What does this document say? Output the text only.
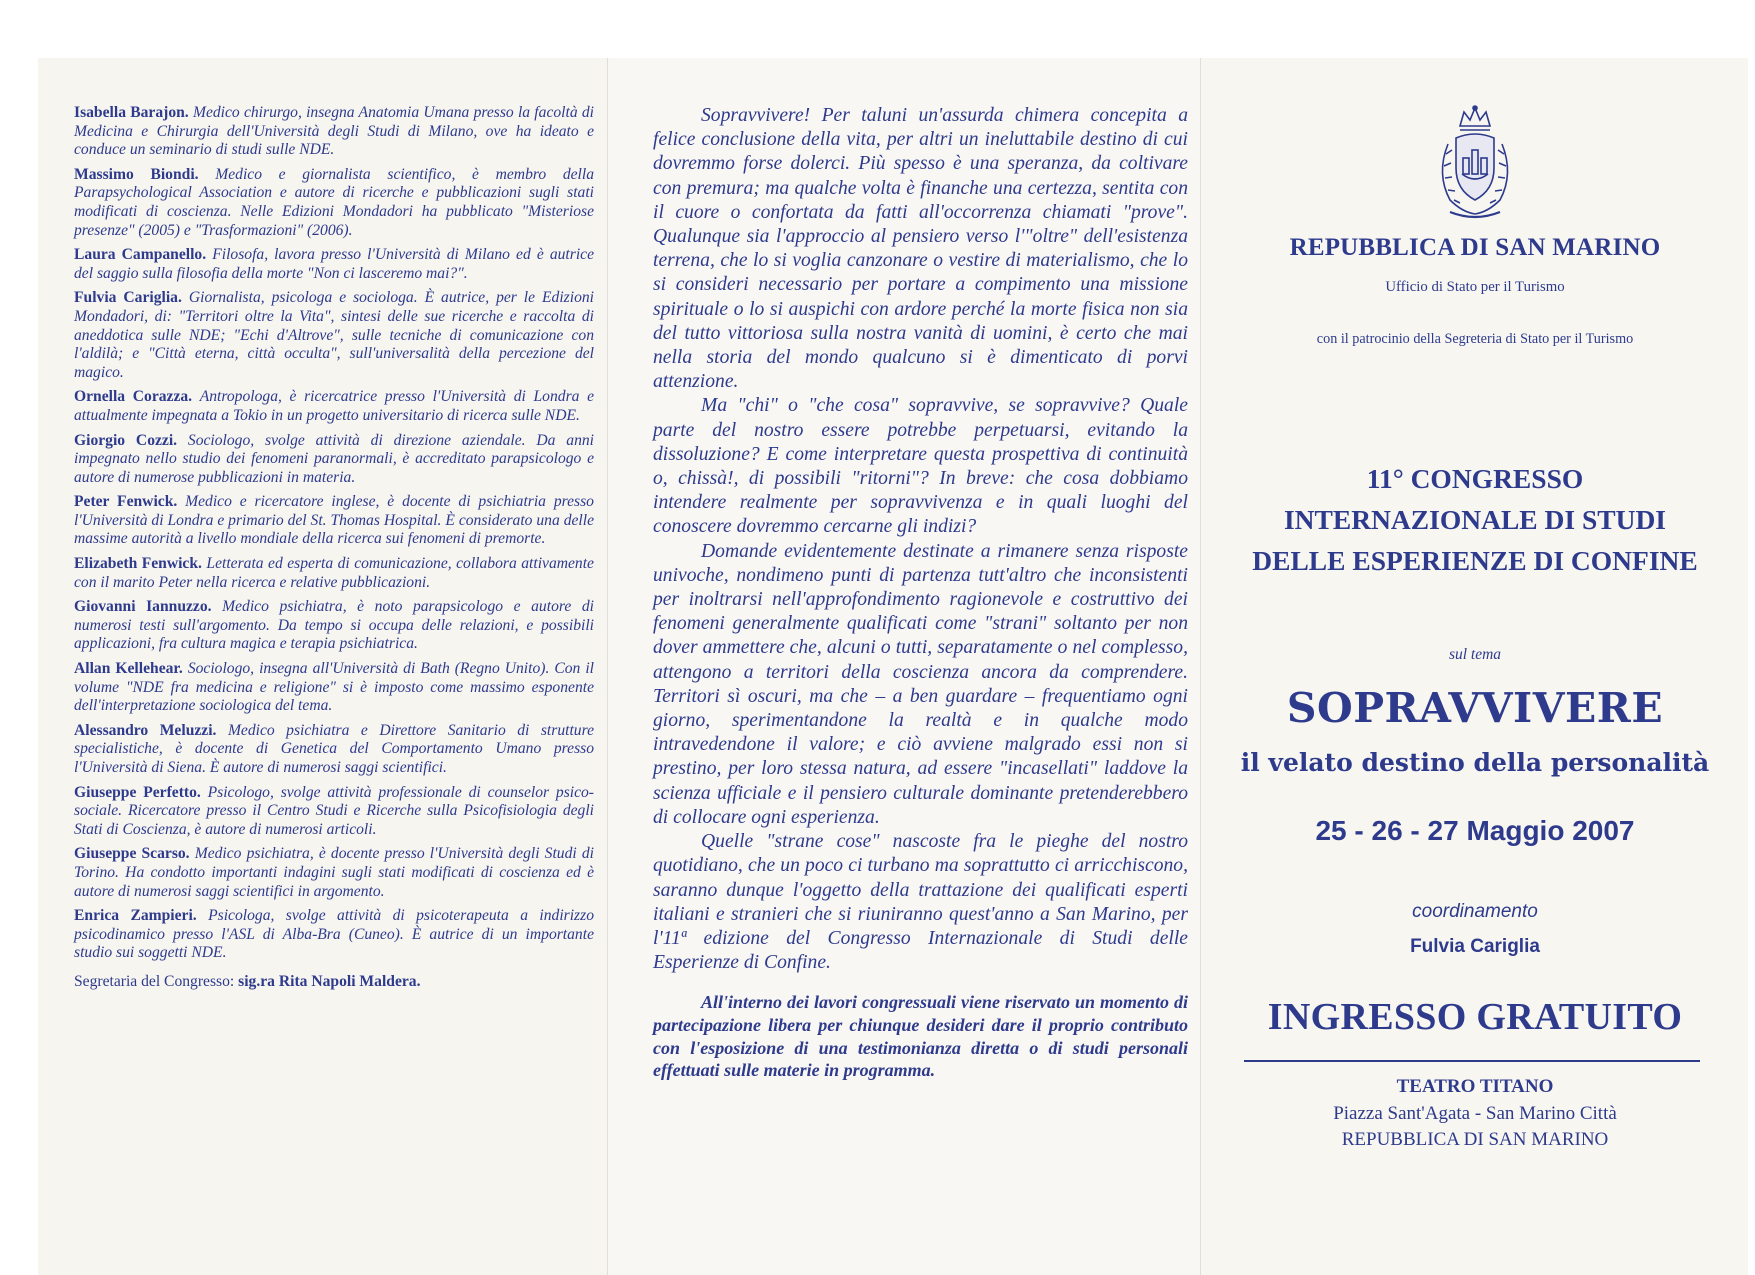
Isabella Barajon. Medico chirurgo, insegna Anatomia Umana presso la facoltà di Medicina e Chirurgia dell'Università degli Studi di Milano, ove ha ideato e conduce un seminario di studi sulle NDE.
Massimo Biondi. Medico e giornalista scientifico, è membro della Parapsychological Association e autore di ricerche e pubblicazioni sugli stati modificati di coscienza. Nelle Edizioni Mondadori ha pubblicato "Misteriose presenze" (2005) e "Trasformazioni" (2006).
Laura Campanello. Filosofa, lavora presso l'Università di Milano ed è autrice del saggio sulla filosofia della morte "Non ci lasceremo mai?".
Fulvia Cariglia. Giornalista, psicologa e sociologa. È autrice, per le Edizioni Mondadori, di: "Territori oltre la Vita", sintesi delle sue ricerche e raccolta di aneddotica sulle NDE; "Echi d'Altrove", sulle tecniche di comunicazione con l'aldilà; e "Città eterna, città occulta", sull'universalità della percezione del magico.
Ornella Corazza. Antropologa, è ricercatrice presso l'Università di Londra e attualmente impegnata a Tokio in un progetto universitario di ricerca sulle NDE.
Giorgio Cozzi. Sociologo, svolge attività di direzione aziendale. Da anni impegnato nello studio dei fenomeni paranormali, è accreditato parapsicologo e autore di numerose pubblicazioni in materia.
Peter Fenwick. Medico e ricercatore inglese, è docente di psichiatria presso l'Università di Londra e primario del St. Thomas Hospital. È considerato una delle massime autorità a livello mondiale della ricerca sui fenomeni di premorte.
Elizabeth Fenwick. Letterata ed esperta di comunicazione, collabora attivamente con il marito Peter nella ricerca e relative pubblicazioni.
Giovanni Iannuzzo. Medico psichiatra, è noto parapsicologo e autore di numerosi testi sull'argomento. Da tempo si occupa delle relazioni, e possibili applicazioni, fra cultura magica e terapia psichiatrica.
Allan Kellehear. Sociologo, insegna all'Università di Bath (Regno Unito). Con il volume "NDE fra medicina e religione" si è imposto come massimo esponente dell'interpretazione sociologica del tema.
Alessandro Meluzzi. Medico psichiatra e Direttore Sanitario di strutture specialistiche, è docente di Genetica del Comportamento Umano presso l'Università di Siena. È autore di numerosi saggi scientifici.
Giuseppe Perfetto. Psicologo, svolge attività professionale di counselor psico-sociale. Ricercatore presso il Centro Studi e Ricerche sulla Psicofisiologia degli Stati di Coscienza, è autore di numerosi articoli.
Giuseppe Scarso. Medico psichiatra, è docente presso l'Università degli Studi di Torino. Ha condotto importanti indagini sugli stati modificati di coscienza ed è autore di numerosi saggi scientifici in argomento.
Enrica Zampieri. Psicologa, svolge attività di psicoterapeuta a indirizzo psicodinamico presso l'ASL di Alba-Bra (Cuneo). È autrice di un importante studio sui soggetti NDE.
Segretaria del Congresso: sig.ra Rita Napoli Maldera.

Sopravvivere! Per taluni un'assurda chimera concepita a felice conclusione della vita, per altri un ineluttabile destino di cui dovremmo forse dolerci. Più spesso è una speranza, da coltivare con premura; ma qualche volta è finanche una certezza, sentita con il cuore o confortata da fatti all'occorrenza chiamati "prove". Qualunque sia l'approccio al pensiero verso l'"oltre" dell'esistenza terrena, che lo si voglia canzonare o vestire di materialismo, che lo si consideri necessario per portare a compimento una missione spirituale o lo si auspichi con ardore perché la morte fisica non sia del tutto vittoriosa sulla nostra vanità di uomini, è certo che mai nella storia del mondo qualcuno si è dimenticato di porvi attenzione.

Ma "chi" o "che cosa" sopravvive, se sopravvive? Quale parte del nostro essere potrebbe perpetuarsi, evitando la dissoluzione? E come interpretare questa prospettiva di continuità o, chissà!, di possibili "ritorni"? In breve: che cosa dobbiamo intendere realmente per sopravvivenza e in quali luoghi del conoscere dovremmo cercarne gli indizi?

Domande evidentemente destinate a rimanere senza risposte univoche, nondimeno punti di partenza tutt'altro che inconsistenti per inoltrarsi nell'approfondimento ragionevole e costruttivo dei fenomeni generalmente qualificati come "strani" soltanto per non dover ammettere che, alcuni o tutti, separatamente o nel complesso, attengono a territori della coscienza ancora da comprendere. Territori sì oscuri, ma che – a ben guardare – frequentiamo ogni giorno, sperimentandone la realtà e in qualche modo intravedendone il valore; e ciò avviene malgrado essi non si prestino, per loro stessa natura, ad essere "incasellati" laddove la scienza ufficiale e il pensiero culturale dominante pretenderebbero di collocare ogni esperienza.

Quelle "strane cose" nascoste fra le pieghe del nostro quotidiano, che un poco ci turbano ma soprattutto ci arricchiscono, saranno dunque l'oggetto della trattazione dei qualificati esperti italiani e stranieri che si riuniranno quest'anno a San Marino, per l'11ª edizione del Congresso Internazionale di Studi delle Esperienze di Confine.

All'interno dei lavori congressuali viene riservato un momento di partecipazione libera per chiunque desideri dare il proprio contributo con l'esposizione di una testimonianza diretta o di studi personali effettuati sulle materie in programma.

REPUBBLICA DI SAN MARINO
Ufficio di Stato per il Turismo
con il patrocinio della Segreteria di Stato per il Turismo
11° CONGRESSO
INTERNAZIONALE DI STUDI
DELLE ESPERIENZE DI CONFINE
sul tema
SOPRAVVIVERE
il velato destino della personalità
25 - 26 - 27 Maggio 2007
coordinamento
Fulvia Cariglia
INGRESSO GRATUITO
TEATRO TITANO
Piazza Sant'Agata - San Marino Città
REPUBBLICA DI SAN MARINO
